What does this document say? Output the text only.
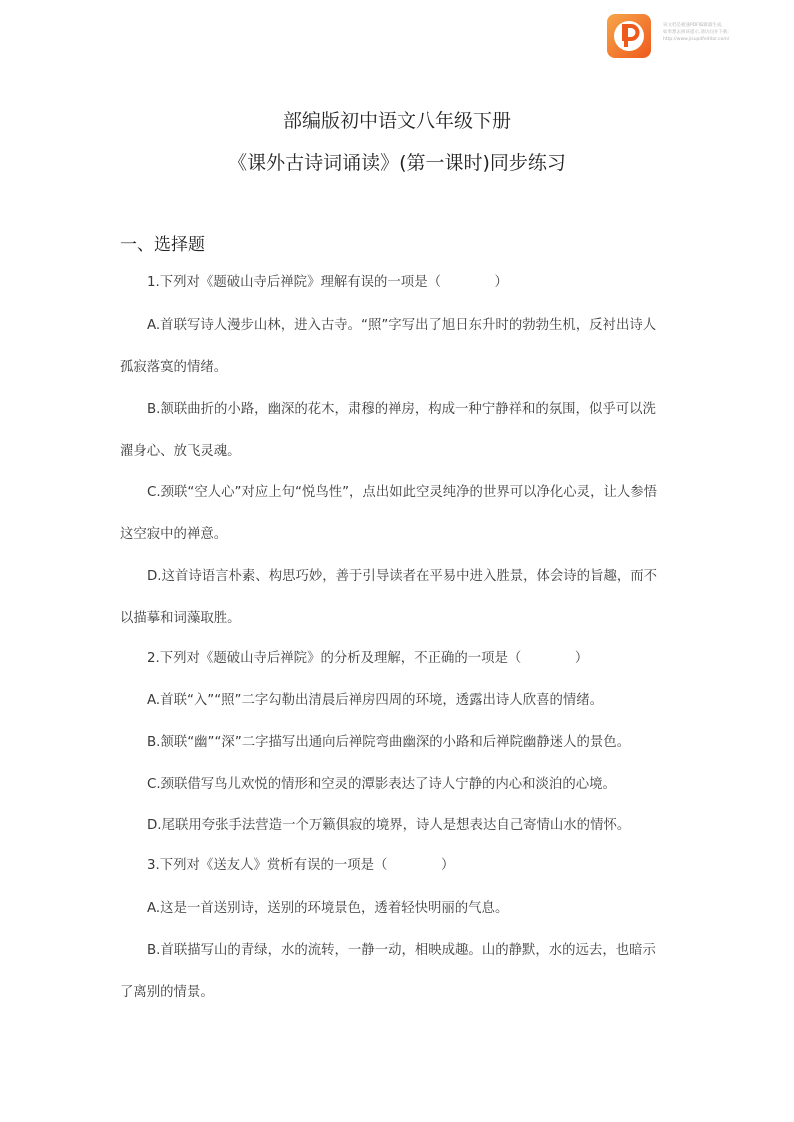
该文档是极速PDF编辑器生成,
如果想去掉该提示,请访问并下载:
http://www.jisupdfeditor.com/
部编版初中语文八年级下册
《课外古诗词诵读》(第一课时)同步练习
一、选择题
1.下列对《题破山寺后禅院》理解有误的一项是（　　　　）
A.首联写诗人漫步山林，进入古寺。“照”字写出了旭日东升时的勃勃生机，反衬出诗人
孤寂落寞的情绪。
B.颔联曲折的小路，幽深的花木，肃穆的禅房，构成一种宁静祥和的氛围，似乎可以洗
濯身心、放飞灵魂。
C.颈联“空人心”对应上句“悦鸟性”，点出如此空灵纯净的世界可以净化心灵，让人参悟
这空寂中的禅意。
D.这首诗语言朴素、构思巧妙，善于引导读者在平易中进入胜景，体会诗的旨趣，而不
以描摹和词藻取胜。
2.下列对《题破山寺后禅院》的分析及理解，不正确的一项是（　　　　）
A.首联“入”“照”二字勾勒出清晨后禅房四周的环境，透露出诗人欣喜的情绪。
B.颔联“幽”“深”二字描写出通向后禅院弯曲幽深的小路和后禅院幽静迷人的景色。
C.颈联借写鸟儿欢悦的情形和空灵的潭影表达了诗人宁静的内心和淡泊的心境。
D.尾联用夸张手法营造一个万籁俱寂的境界，诗人是想表达自己寄情山水的情怀。
3.下列对《送友人》赏析有误的一项是（　　　　）
A.这是一首送别诗，送别的环境景色，透着轻快明丽的气息。
B.首联描写山的青绿，水的流转，一静一动，相映成趣。山的静默，水的远去，也暗示
了离别的情景。
